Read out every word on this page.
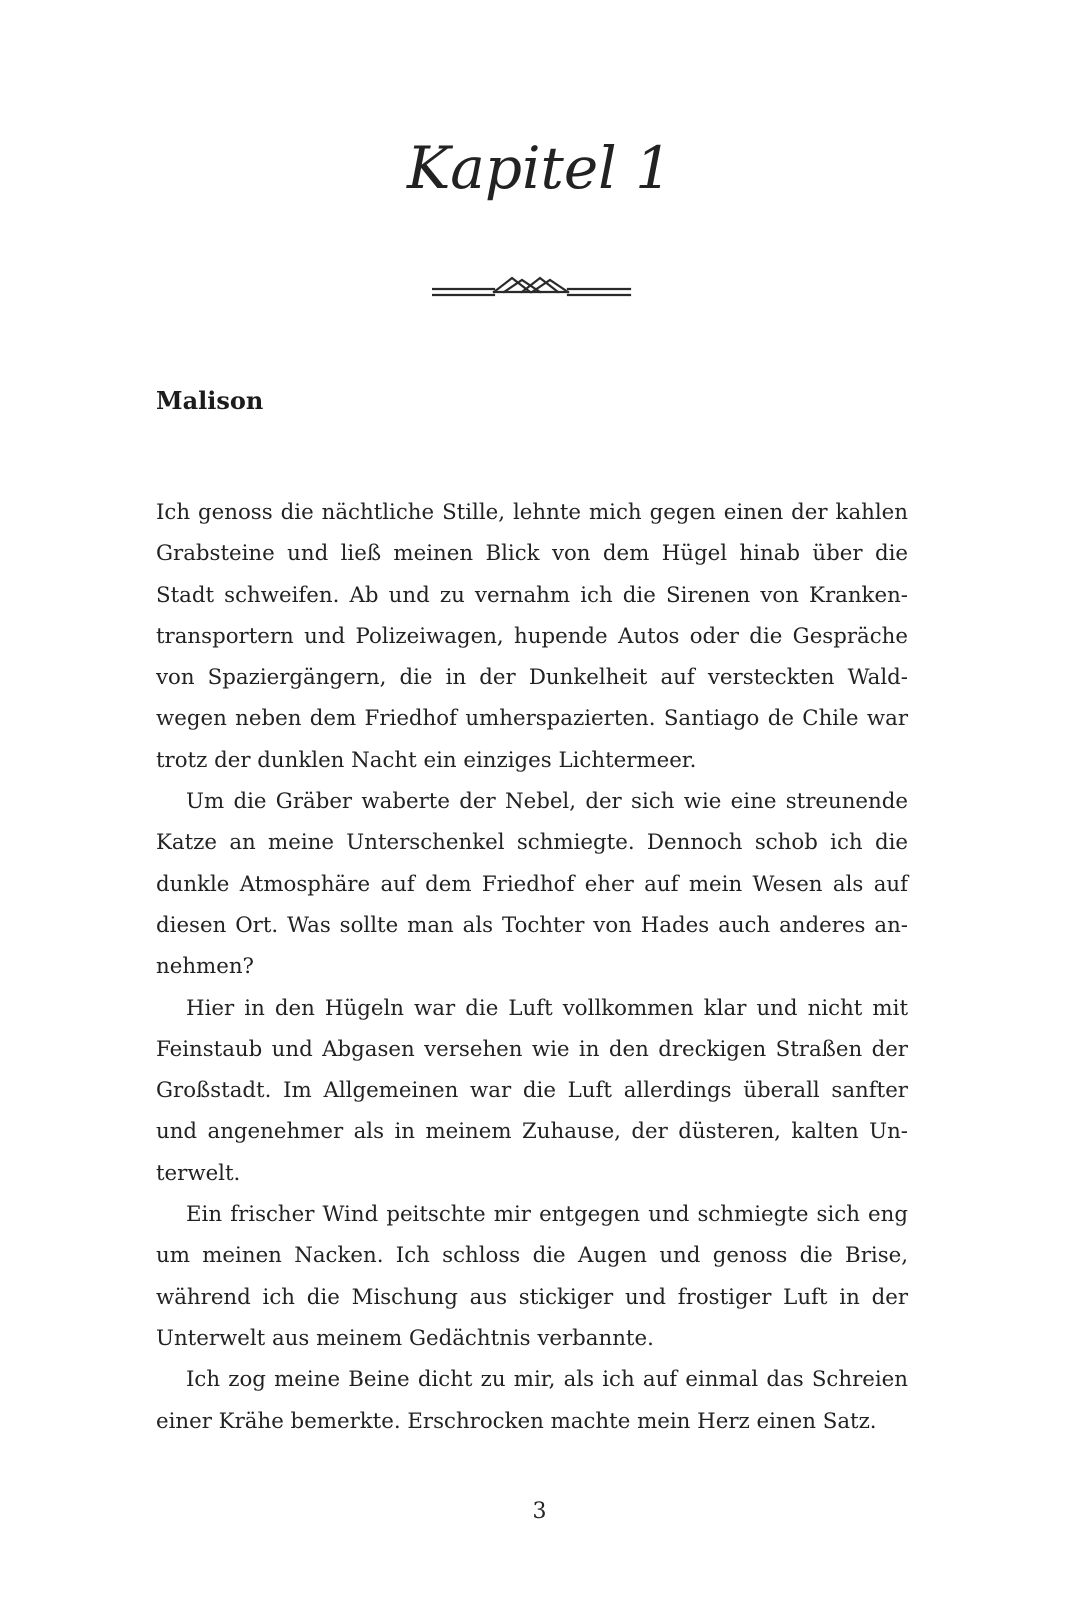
Kapitel 1
Malison

Ich genoss die nächtliche Stille, lehnte mich gegen einen der kahlen Grabsteine und ließ meinen Blick von dem Hügel hinab über die Stadt schweifen. Ab und zu vernahm ich die Sirenen von Krankentransportern und Polizeiwagen, hupende Autos oder die Gespräche von Spaziergängern, die in der Dunkelheit auf versteckten Waldwegen neben dem Friedhof umherspazierten. Santiago de Chile war trotz der dunklen Nacht ein einziges Lichtermeer.

Um die Gräber waberte der Nebel, der sich wie eine streunende Katze an meine Unterschenkel schmiegte. Dennoch schob ich die dunkle Atmosphäre auf dem Friedhof eher auf mein Wesen als auf diesen Ort. Was sollte man als Tochter von Hades auch anderes annehmen?

Hier in den Hügeln war die Luft vollkommen klar und nicht mit Feinstaub und Abgasen versehen wie in den dreckigen Straßen der Großstadt. Im Allgemeinen war die Luft allerdings überall sanfter und angenehmer als in meinem Zuhause, der düsteren, kalten Unterwelt.

Ein frischer Wind peitschte mir entgegen und schmiegte sich eng um meinen Nacken. Ich schloss die Augen und genoss die Brise, während ich die Mischung aus stickiger und frostiger Luft in der Unterwelt aus meinem Gedächtnis verbannte.

Ich zog meine Beine dicht zu mir, als ich auf einmal das Schreien einer Krähe bemerkte. Erschrocken machte mein Herz einen Satz.

3
